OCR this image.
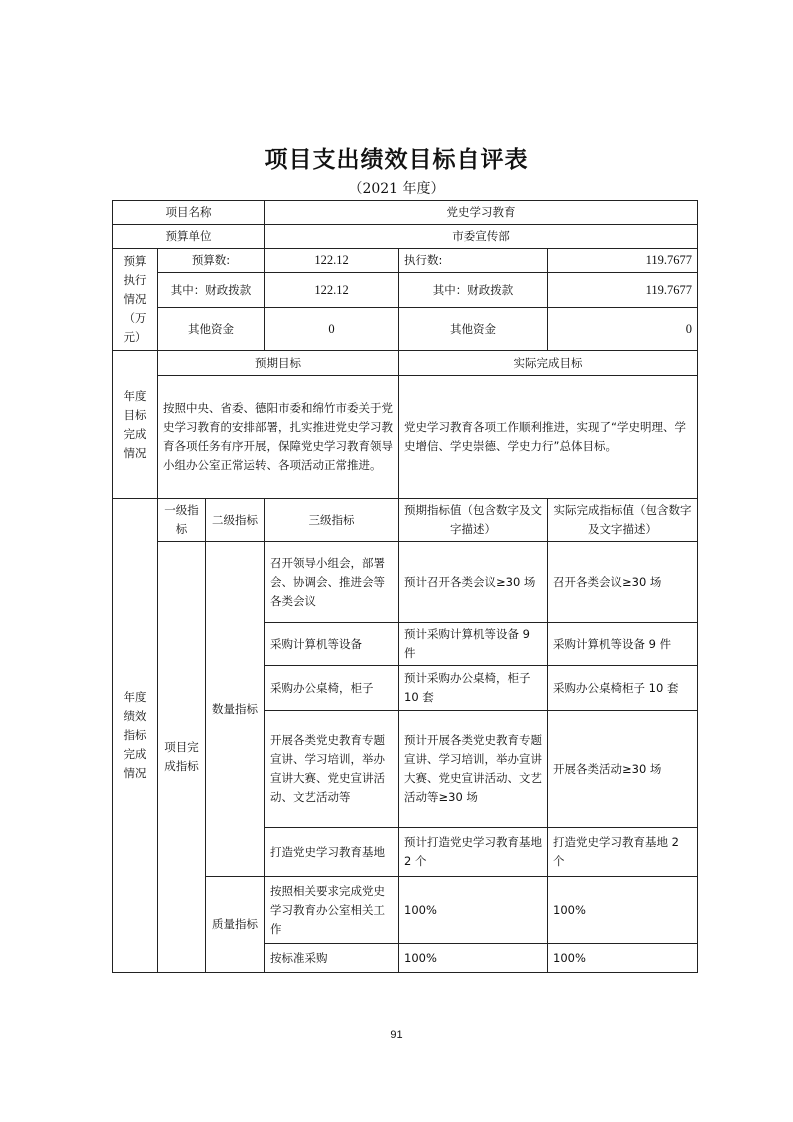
项目支出绩效目标自评表
（2021 年度）
项目名称			党史学习教育		
预算单位			市委宣传部		
预算执行情况（万元）	预算数:		122.12	执行数:	119.7677
	其中：财政拨款		122.12	其中：财政拨款	119.7677
	其他资金		0	其他资金	0
年度目标完成情况	预期目标			实际完成目标	
	按照中央、省委、德阳市委和绵竹市委关于党史学习教育的安排部署，扎实推进党史学习教育各项任务有序开展，保障党史学习教育领导小组办公室正常运转、各项活动正常推进。			党史学习教育各项工作顺利推进，实现了“学史明理、学史增信、学史崇德、学史力行”总体目标。	
年度绩效指标完成情况	一级指标	二级指标	三级指标	预期指标值（包含数字及文字描述）	实际完成指标值（包含数字及文字描述）
	项目完成指标	数量指标	召开领导小组会，部署会、协调会、推进会等各类会议	预计召开各类会议≥30 场	召开各类会议≥30 场
			采购计算机等设备	预计采购计算机等设备 9 件	采购计算机等设备 9 件
			采购办公桌椅，柜子	预计采购办公桌椅，柜子 10 套	采购办公桌椅柜子 10 套
			开展各类党史教育专题宣讲、学习培训，举办宣讲大赛、党史宣讲活动、文艺活动等	预计开展各类党史教育专题宣讲、学习培训，举办宣讲大赛、党史宣讲活动、文艺活动等≥30 场	开展各类活动≥30 场
			打造党史学习教育基地	预计打造党史学习教育基地 2 个	打造党史学习教育基地 2 个
		质量指标	按照相关要求完成党史学习教育办公室相关工作	100%	100%
			按标准采购	100%	100%
91
